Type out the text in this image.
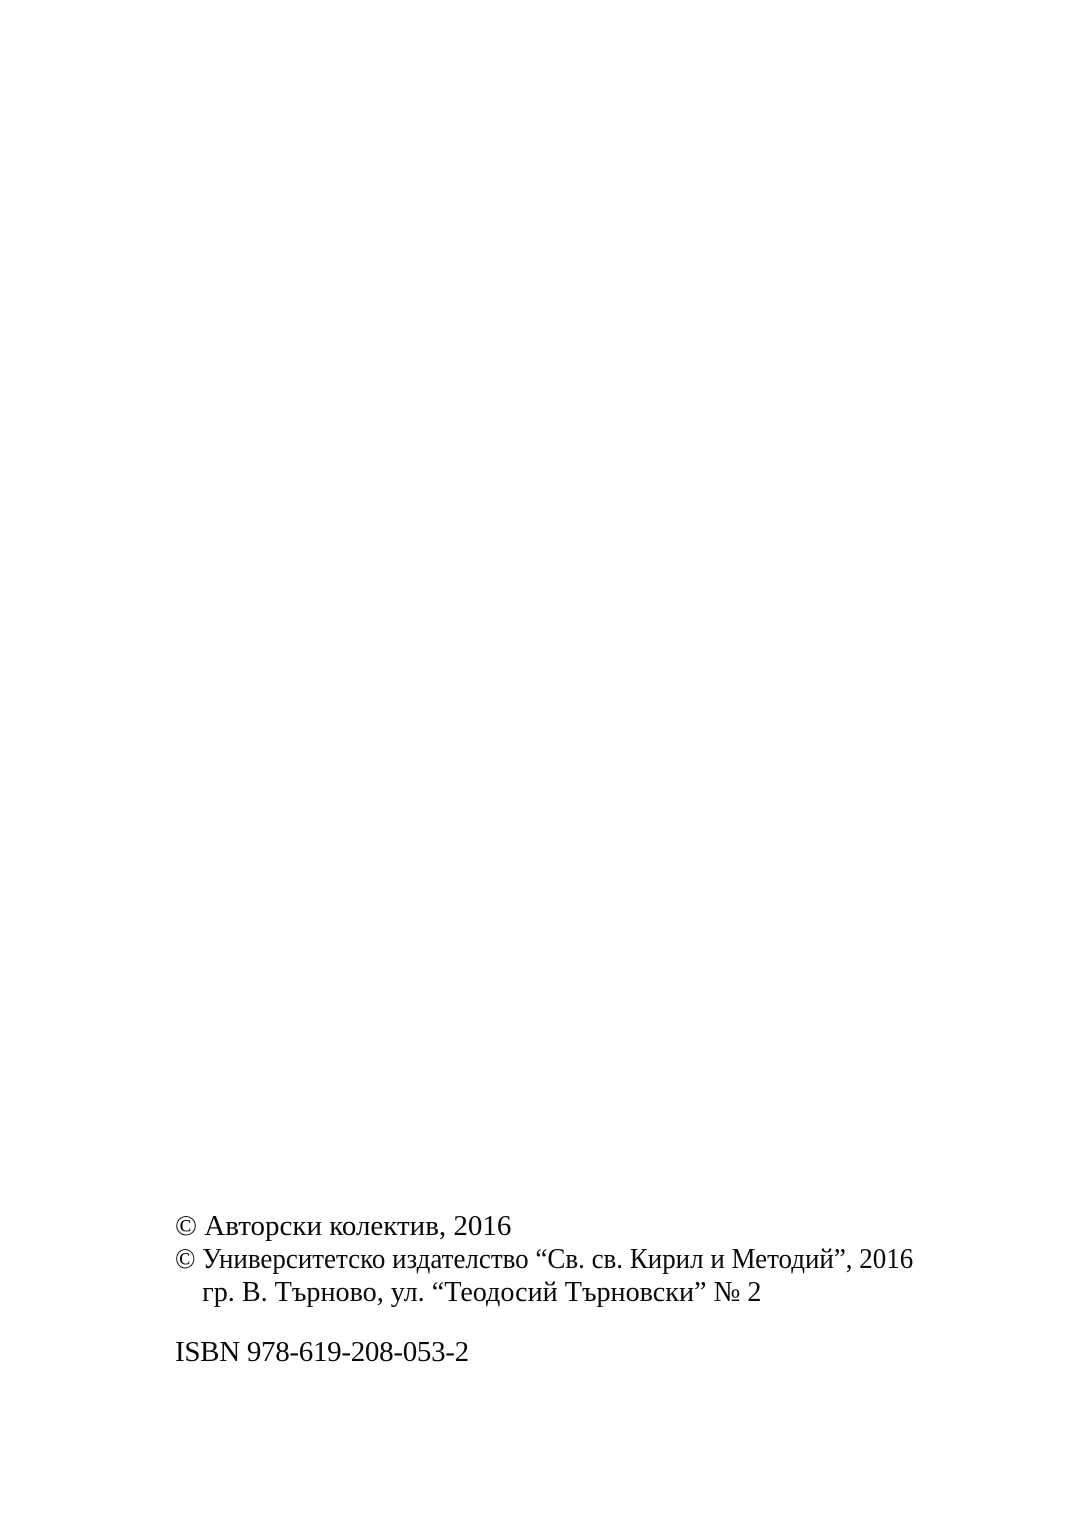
© Авторски колектив, 2016

© Университетско издателство “Св. св. Кирил и Методий”, 2016

гр. В. Търново, ул. “Теодосий Търновски” № 2

ISBN 978-619-208-053-2
